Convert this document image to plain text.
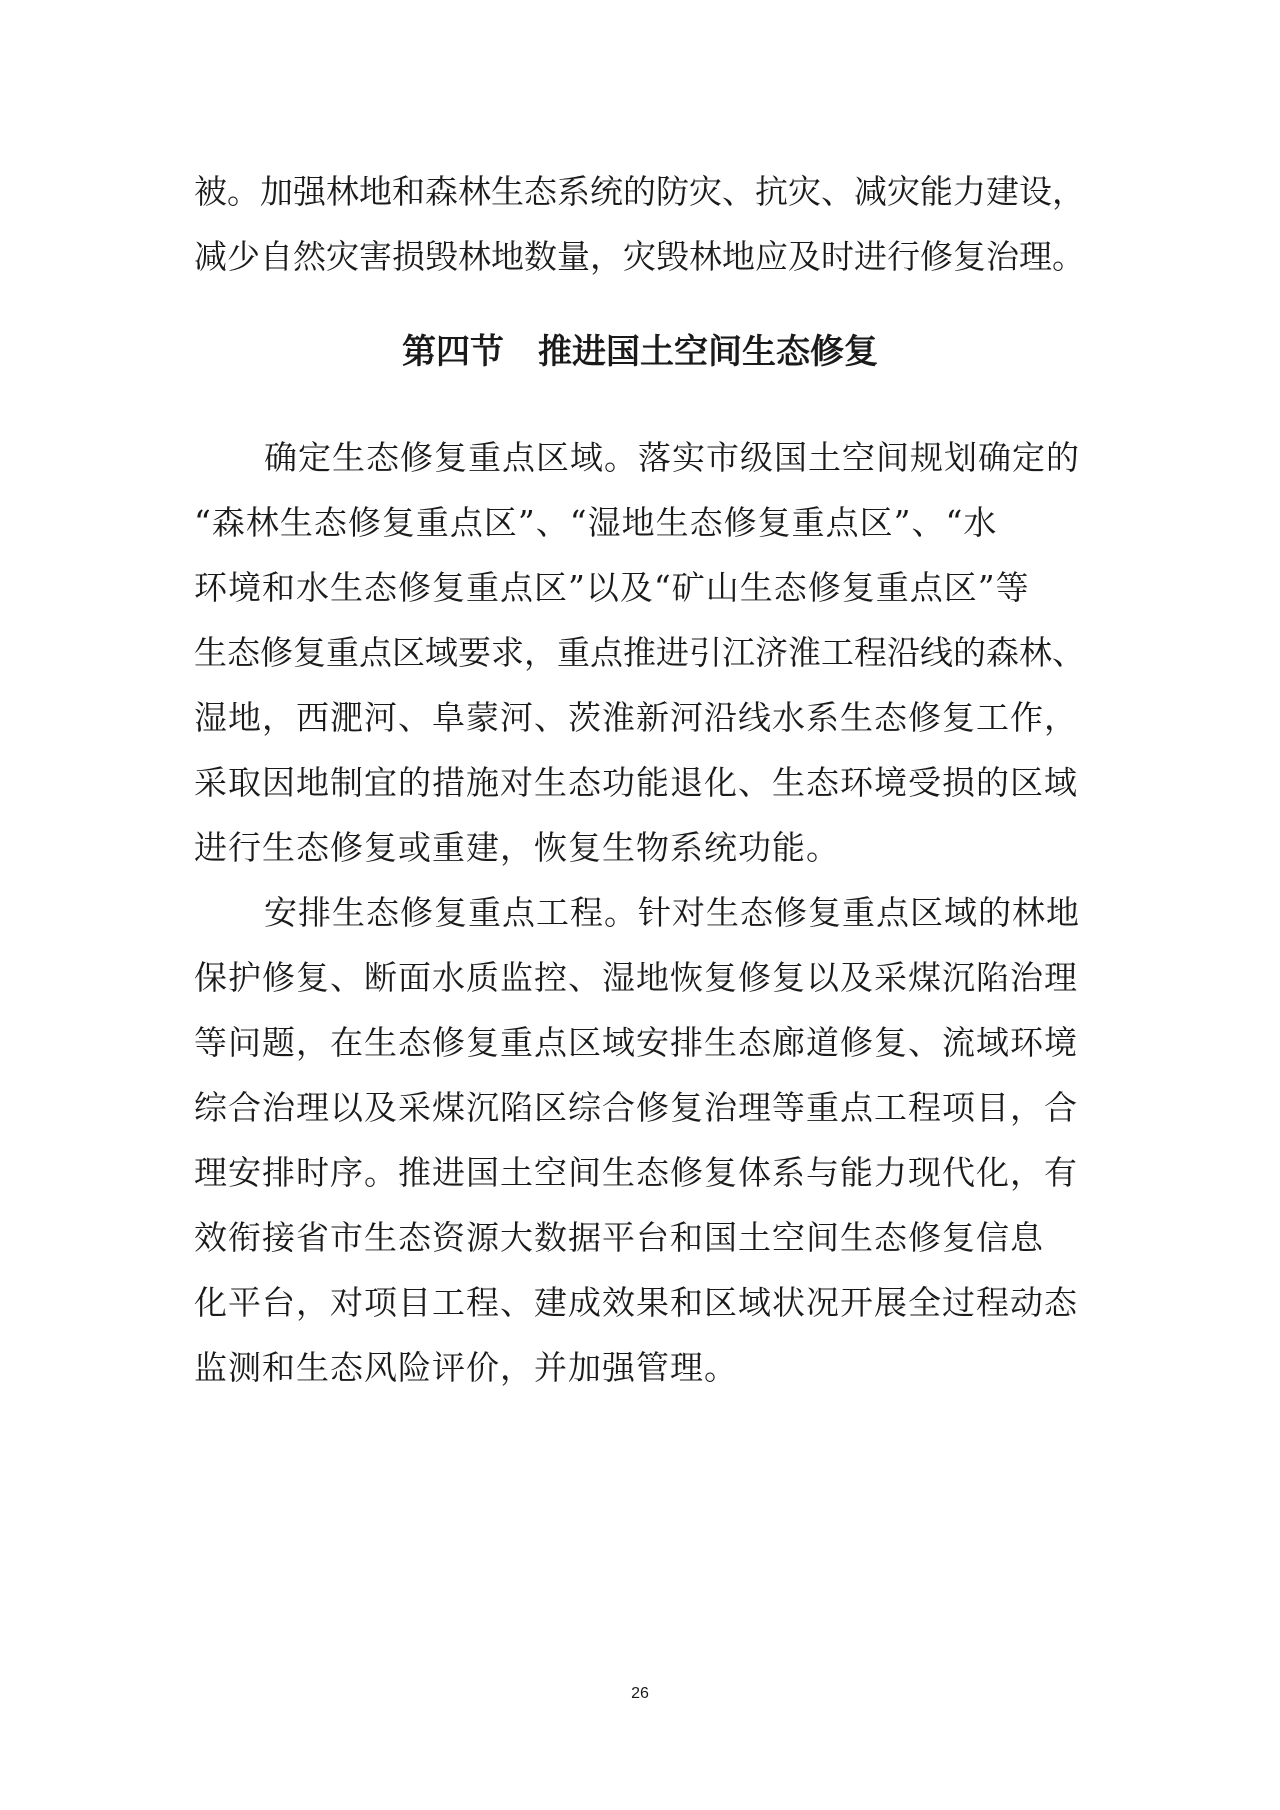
被。加强林地和森林生态系统的防灾、抗灾、减灾能力建设，
减少自然灾害损毁林地数量，灾毁林地应及时进行修复治理。
第四节　推进国土空间生态修复
确定生态修复重点区域。落实市级国土空间规划确定的
“森林生态修复重点区”、“湿地生态修复重点区”、“水
环境和水生态修复重点区”以及“矿山生态修复重点区”等
生态修复重点区域要求，重点推进引江济淮工程沿线的森林、
湿地，西淝河、阜蒙河、茨淮新河沿线水系生态修复工作，
采取因地制宜的措施对生态功能退化、生态环境受损的区域
进行生态修复或重建，恢复生物系统功能。
安排生态修复重点工程。针对生态修复重点区域的林地
保护修复、断面水质监控、湿地恢复修复以及采煤沉陷治理
等问题，在生态修复重点区域安排生态廊道修复、流域环境
综合治理以及采煤沉陷区综合修复治理等重点工程项目，合
理安排时序。推进国土空间生态修复体系与能力现代化，有
效衔接省市生态资源大数据平台和国土空间生态修复信息
化平台，对项目工程、建成效果和区域状况开展全过程动态
监测和生态风险评价，并加强管理。
26
